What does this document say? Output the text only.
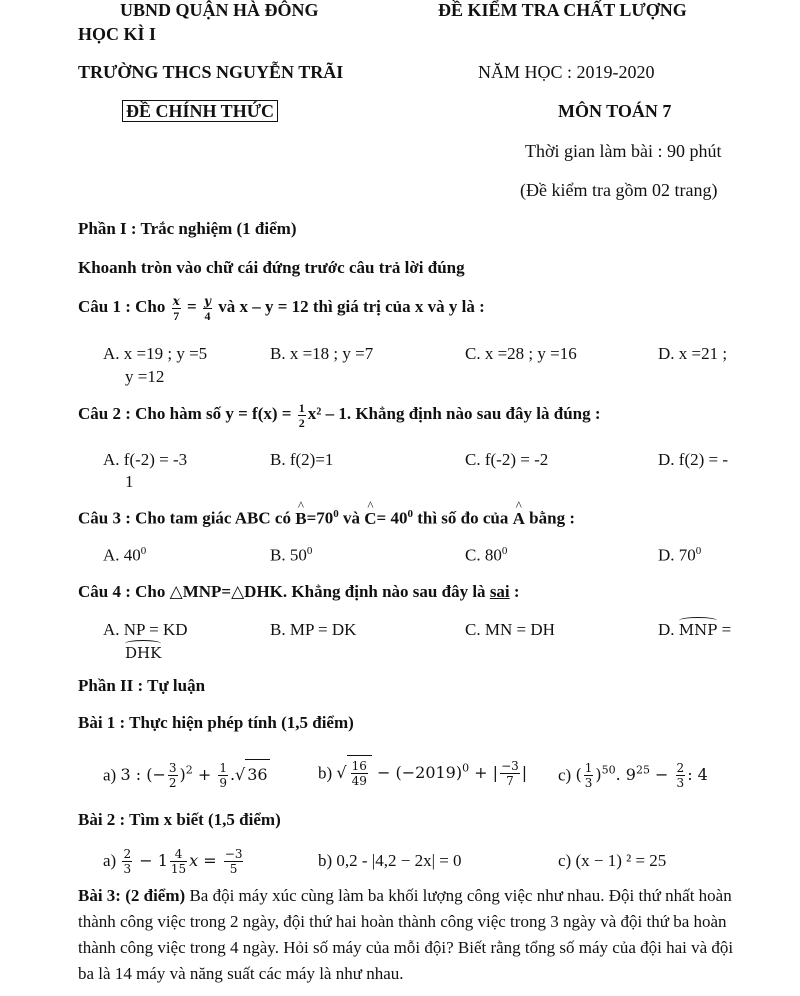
UBND QUẬN HÀ ĐÔNG	ĐỀ KIỂM TRA CHẤT LƯỢNG
HỌC KÌ I
TRƯỜNG THCS NGUYỄN TRÃI	NĂM HỌC : 2019-2020
ĐỀ CHÍNH THỨC	MÔN TOÁN 7
Thời gian làm bài : 90 phút
(Đề kiểm tra gồm 02 trang)
Phần I : Trắc nghiệm (1 điểm)
Khoanh tròn vào chữ cái đứng trước câu trả lời đúng
Câu 1 : Cho $\frac{x}{7} = \frac{y}{4}$ và x – y = 12 thì giá trị của x và y là :
A. x =19 ; y =5	B. x =18 ; y =7	C. x =28 ; y =16	D. x =21 ;
y =12
Câu 2 : Cho hàm số $y = f(x) = \frac{1}{2} x^2 - 1$. Khẳng định nào sau đây là đúng :
A. f(-2) = -3	B. f(2)=1	C. f(-2) = -2	D. f(2) = -
1
Câu 3 : Cho tam giác ABC có ^ $B=70^0$ và ^ $C= 40^0$ thì số đo của ^ A bằng :
A. $40^0$	B. $50^0$	C. $80^0$	D. $70^0$
Câu 4 : Cho △MNP=△DHK. Khẳng định nào sau đây là sai :
A. NP = KD	B. MP = DK	C. MN = DH	D. MNP =
DHK
Phần II : Tự luận
Bài 1 : Thực hiện phép tính (1,5 điểm)
a) 3 : (− $\frac{3}{2} )^2 + \frac{1}{9}$ .√ 36	b) √ $\frac{16}{49} - (-2019)^0$ + | $\frac{-3}{7}$ | c) ( $\frac{1}{3} )^{50}$. $9^{25} - \frac{2}{3}$ : 4
Bài 2 : Tìm x biết (1,5 điểm)
$a) \frac{2}{3} - 1 \frac{4}{15}$ $x = \frac{-3}{5}$	b) 0,2 - |4,2 − 2x| = 0	c) (x − 1) ² = 25
Bài 3: (2 điểm) Ba đội máy xúc cùng làm ba khối lượng công việc như nhau. Đội thứ nhất hoàn thành công việc trong 2 ngày, đội thứ hai hoàn thành công việc trong 3 ngày và đội thứ ba hoàn thành công việc trong 4 ngày. Hỏi số máy của mỗi đội? Biết rằng tổng số máy của đội hai và đội ba là 14 máy và năng suất các máy là như nhau.
